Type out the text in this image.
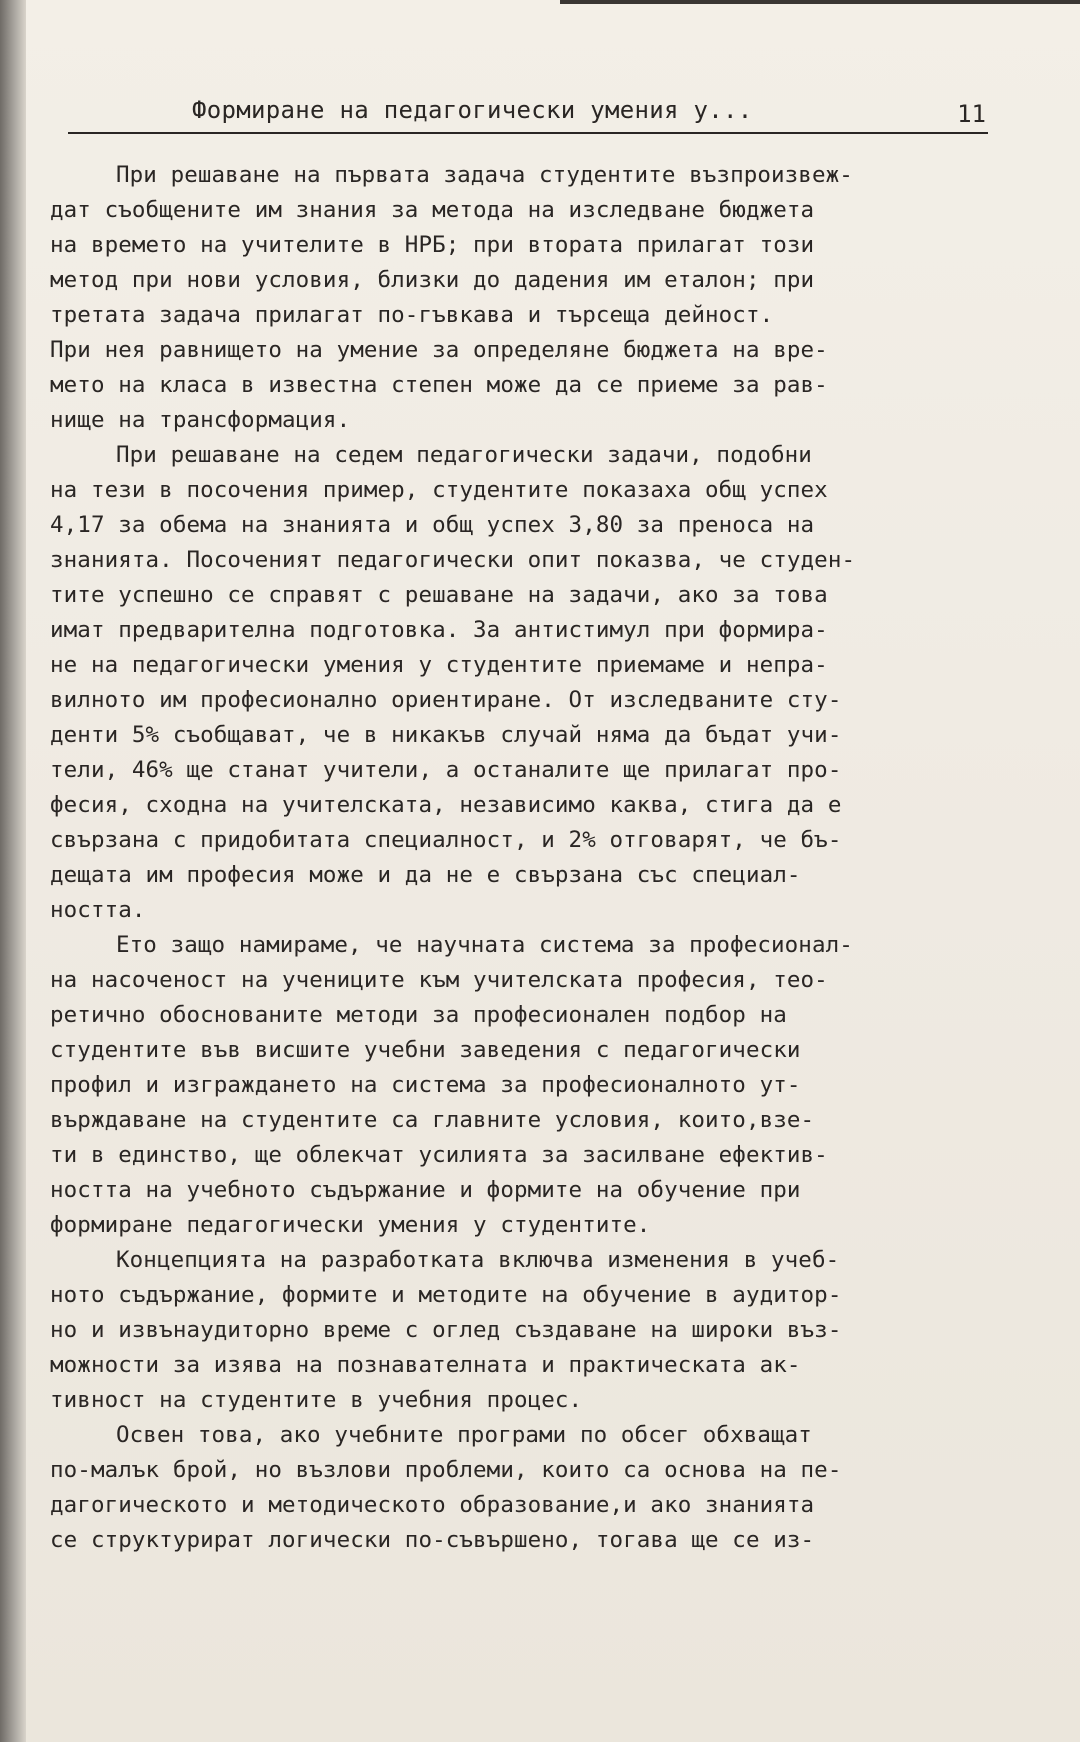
Формиране на педагогически умения у...	11
При решаване на първата задача студентите възпроизвеж-
дат съобщените им знания за метода на изследване бюджета
на времето на учителите в НРБ; при втората прилагат този
метод при нови условия, близки до дадения им еталон; при
третата задача прилагат по-гъвкава и търсеща дейност.
При нея равнището на умение за определяне бюджета на вре-
мето на класа в известна степен може да се приеме за рав-
нище на трансформация.
При решаване на седем педагогически задачи, подобни
на тези в посочения пример, студентите показаха общ успех
4,17 за обема на знанията и общ успех 3,80 за преноса на
знанията. Посоченият педагогически опит показва, че студен-
тите успешно се справят с решаване на задачи, ако за това
имат предварителна подготовка. За антистимул при формира-
не на педагогически умения у студентите приемаме и непра-
вилното им професионално ориентиране. От изследваните сту-
денти 5% съобщават, че в никакъв случай няма да бъдат учи-
тели, 46% ще станат учители, а останалите ще прилагат про-
фесия, сходна на учителската, независимо каква, стига да е
свързана с придобитата специалност, и 2% отговарят, че бъ-
дещата им професия може и да не е свързана със специал-
ността.
Ето защо намираме, че научната система за професионал-
на насоченост на учениците към учителската професия, тео-
ретично обоснованите методи за професионален подбор на
студентите във висшите учебни заведения с педагогически
профил и изграждането на система за професионалното ут-
върждаване на студентите са главните условия, които,взе-
ти в единство, ще облекчат усилията за засилване ефектив-
ността на учебното съдържание и формите на обучение при
формиране педагогически умения у студентите.
Концепцията на разработката включва изменения в учеб-
ното съдържание, формите и методите на обучение в аудитор-
но и извънаудиторно време с оглед създаване на широки въз-
можности за изява на познавателната и практическата ак-
тивност на студентите в учебния процес.
Освен това, ако учебните програми по обсег обхващат
по-малък брой, но възлови проблеми, които са основа на пе-
дагогическото и методическото образование,и ако знанията
се структурират логически по-съвършено, тогава ще се из-
